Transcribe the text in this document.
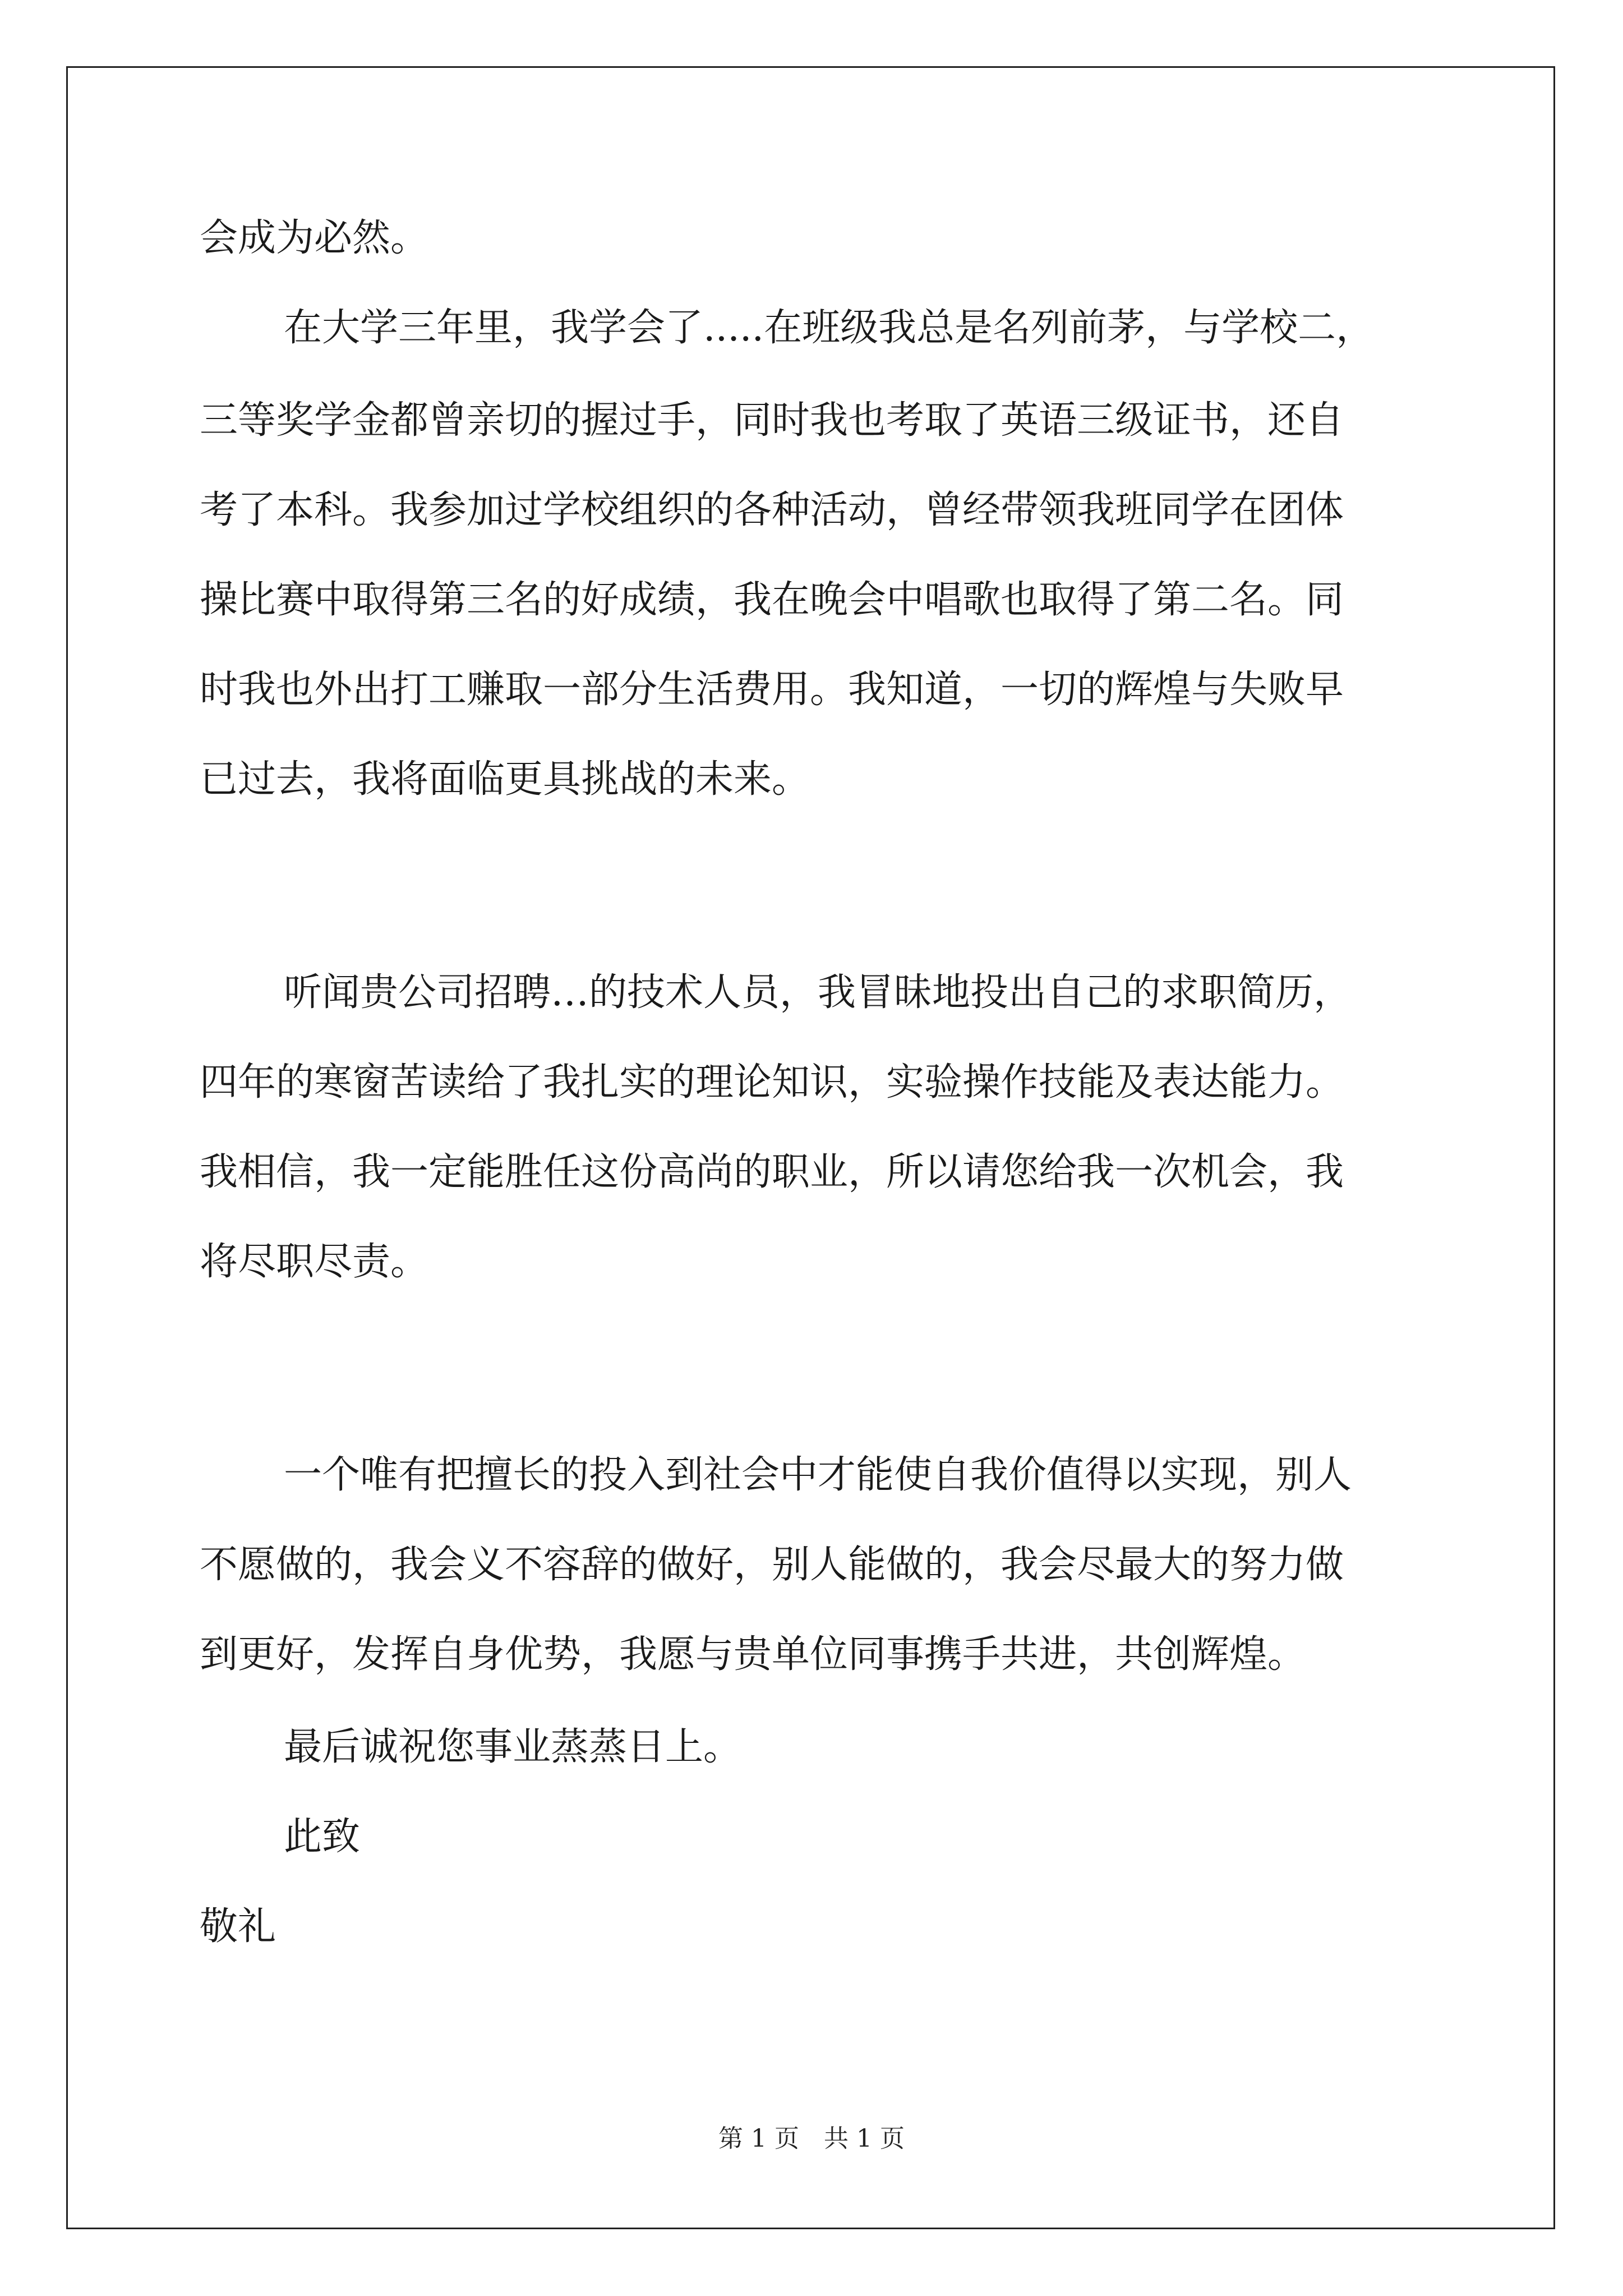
会成为必然。
在大学三年里，我学会了.....在班级我总是名列前茅，与学校二，
三等奖学金都曾亲切的握过手，同时我也考取了英语三级证书，还自
考了本科。我参加过学校组织的各种活动，曾经带领我班同学在团体
操比赛中取得第三名的好成绩，我在晚会中唱歌也取得了第二名。同
时我也外出打工赚取一部分生活费用。我知道，一切的辉煌与失败早
已过去，我将面临更具挑战的未来。
听闻贵公司招聘…的技术人员，我冒昧地投出自己的求职简历，
四年的寒窗苦读给了我扎实的理论知识，实验操作技能及表达能力。
我相信，我一定能胜任这份高尚的职业，所以请您给我一次机会，我
将尽职尽责。
一个唯有把擅长的投入到社会中才能使自我价值得以实现，别人
不愿做的，我会义不容辞的做好，别人能做的，我会尽最大的努力做
到更好，发挥自身优势，我愿与贵单位同事携手共进，共创辉煌。
最后诚祝您事业蒸蒸日上。
此致
敬礼
第 1 页　共 1 页
